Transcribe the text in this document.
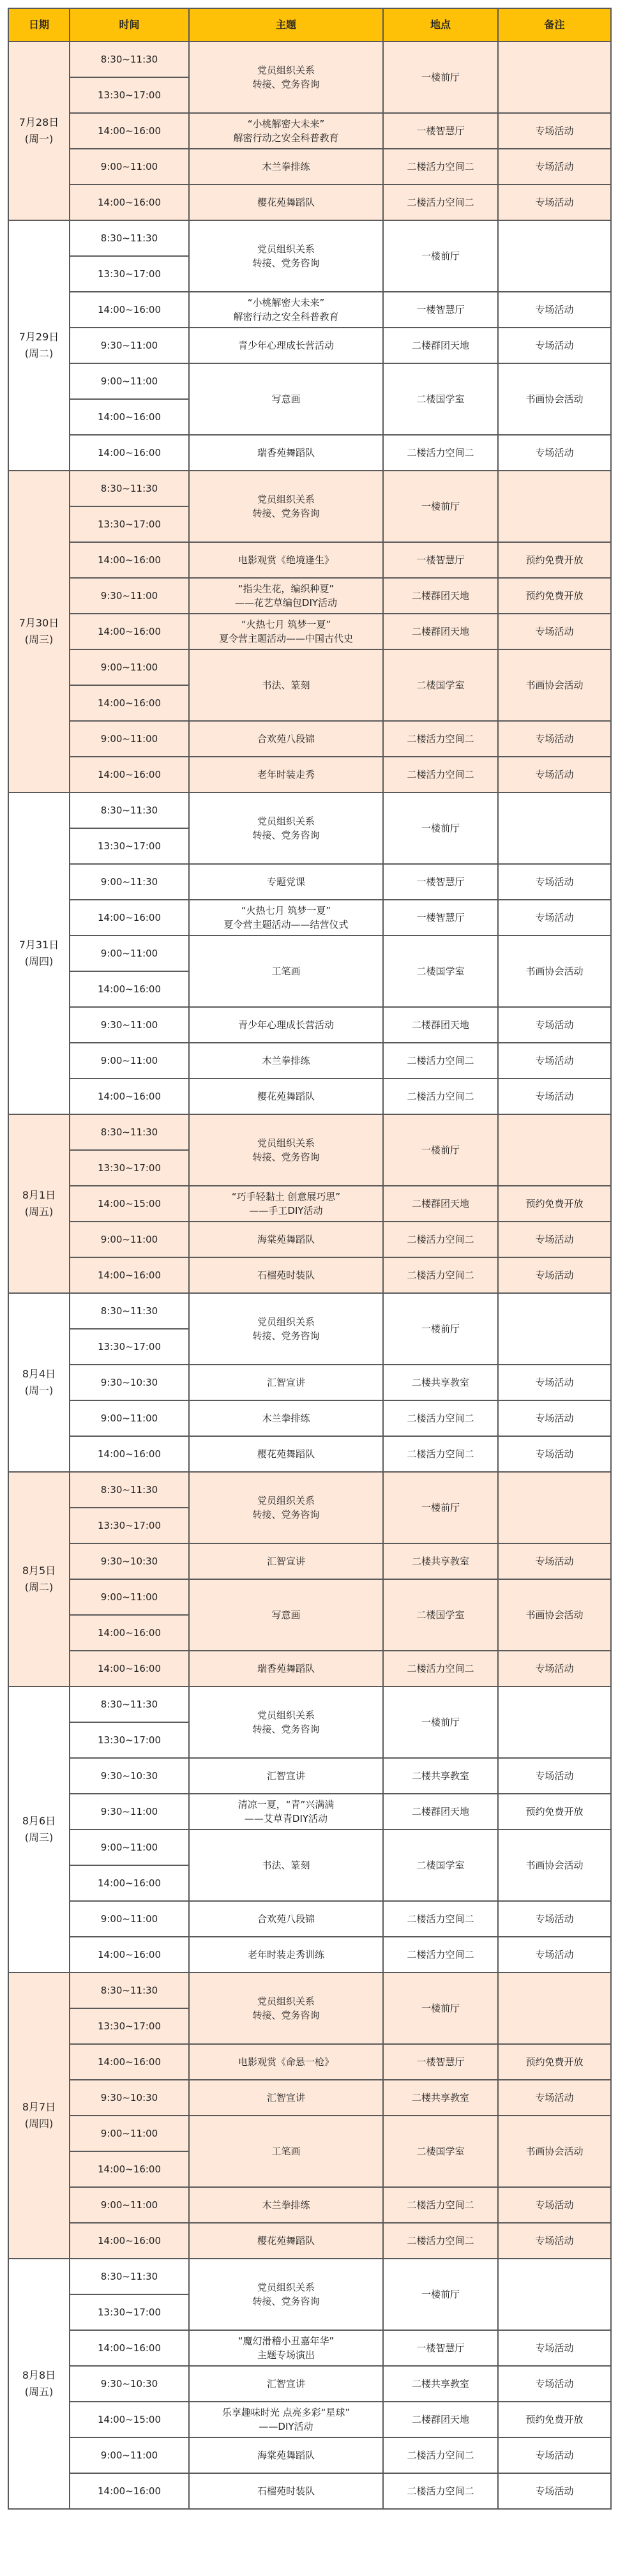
日期	时间	主题	地点	备注

7月28日
(周一)	8:30~11:30	党员组织关系
转接、党务咨询	一楼前厅	
	13:30~17:00			
	14:00~16:00	“小桃解密大未来”
解密行动之安全科普教育	一楼智慧厅	专场活动
	9:00~11:00	木兰拳排练	二楼活力空间二	专场活动
	14:00~16:00	樱花苑舞蹈队	二楼活力空间二	专场活动

7月29日
(周二)	8:30~11:30	党员组织关系
转接、党务咨询	一楼前厅	
	13:30~17:00			
	14:00~16:00	“小桃解密大未来”
解密行动之安全科普教育	一楼智慧厅	专场活动
	9:30~11:00	青少年心理成长营活动	二楼群团天地	专场活动
	9:00~11:00	写意画	二楼国学室	书画协会活动
	14:00~16:00			
	14:00~16:00	瑞香苑舞蹈队	二楼活力空间二	专场活动

7月30日
(周三)	8:30~11:30	党员组织关系
转接、党务咨询	一楼前厅	
	13:30~17:00			
	14:00~16:00	电影观赏《绝境逢生》	一楼智慧厅	预约免费开放
	9:30~11:00	“指尖生花，编织种夏”
——花艺草编包DIY活动	二楼群团天地	预约免费开放
	14:00~16:00	“火热七月 筑梦一夏”
夏令营主题活动——中国古代史	二楼群团天地	专场活动
	9:00~11:00	书法、篆刻	二楼国学室	书画协会活动
	14:00~16:00			
	9:00~11:00	合欢苑八段锦	二楼活力空间二	专场活动
	14:00~16:00	老年时装走秀	二楼活力空间二	专场活动

7月31日
(周四)	8:30~11:30	党员组织关系
转接、党务咨询	一楼前厅	
	13:30~17:00			
	9:00~11:30	专题党课	一楼智慧厅	专场活动
	14:00~16:00	“火热七月 筑梦一夏”
夏令营主题活动——结营仪式	一楼智慧厅	专场活动
	9:00~11:00	工笔画	二楼国学室	书画协会活动
	14:00~16:00			
	9:30~11:00	青少年心理成长营活动	二楼群团天地	专场活动
	9:00~11:00	木兰拳排练	二楼活力空间二	专场活动
	14:00~16:00	樱花苑舞蹈队	二楼活力空间二	专场活动

8月1日
(周五)	8:30~11:30	党员组织关系
转接、党务咨询	一楼前厅	
	13:30~17:00			
	14:00~15:00	“巧手轻黏土 创意展巧思”
——手工DIY活动	二楼群团天地	预约免费开放
	9:00~11:00	海棠苑舞蹈队	二楼活力空间二	专场活动
	14:00~16:00	石榴苑时装队	二楼活力空间二	专场活动

8月4日
(周一)	8:30~11:30	党员组织关系
转接、党务咨询	一楼前厅	
	13:30~17:00			
	9:30~10:30	汇智宣讲	二楼共享教室	专场活动
	9:00~11:00	木兰拳排练	二楼活力空间二	专场活动
	14:00~16:00	樱花苑舞蹈队	二楼活力空间二	专场活动

8月5日
(周二)	8:30~11:30	党员组织关系
转接、党务咨询	一楼前厅	
	13:30~17:00			
	9:30~10:30	汇智宣讲	二楼共享教室	专场活动
	9:00~11:00	写意画	二楼国学室	书画协会活动
	14:00~16:00			
	14:00~16:00	瑞香苑舞蹈队	二楼活力空间二	专场活动

8月6日
(周三)	8:30~11:30	党员组织关系
转接、党务咨询	一楼前厅	
	13:30~17:00			
	9:30~10:30	汇智宣讲	二楼共享教室	专场活动
	9:30~11:00	清凉一夏，“青”兴满满
——艾草青DIY活动	二楼群团天地	预约免费开放
	9:00~11:00	书法、篆刻	二楼国学室	书画协会活动
	14:00~16:00			
	9:00~11:00	合欢苑八段锦	二楼活力空间二	专场活动
	14:00~16:00	老年时装走秀训练	二楼活力空间二	专场活动

8月7日
(周四)	8:30~11:30	党员组织关系
转接、党务咨询	一楼前厅	
	13:30~17:00			
	14:00~16:00	电影观赏《命悬一枪》	一楼智慧厅	预约免费开放
	9:30~10:30	汇智宣讲	二楼共享教室	专场活动
	9:00~11:00	工笔画	二楼国学室	书画协会活动
	14:00~16:00			
	9:00~11:00	木兰拳排练	二楼活力空间二	专场活动
	14:00~16:00	樱花苑舞蹈队	二楼活力空间二	专场活动

8月8日
(周五)	8:30~11:30	党员组织关系
转接、党务咨询	一楼前厅	
	13:30~17:00			
	14:00~16:00	“魔幻滑稽小丑嘉年华”
主题专场演出	一楼智慧厅	专场活动
	9:30~10:30	汇智宣讲	二楼共享教室	专场活动
	14:00~15:00	乐享趣味时光 点亮多彩“星球”
——DIY活动	二楼群团天地	预约免费开放
	9:00~11:00	海棠苑舞蹈队	二楼活力空间二	专场活动
	14:00~16:00	石榴苑时装队	二楼活力空间二	专场活动
